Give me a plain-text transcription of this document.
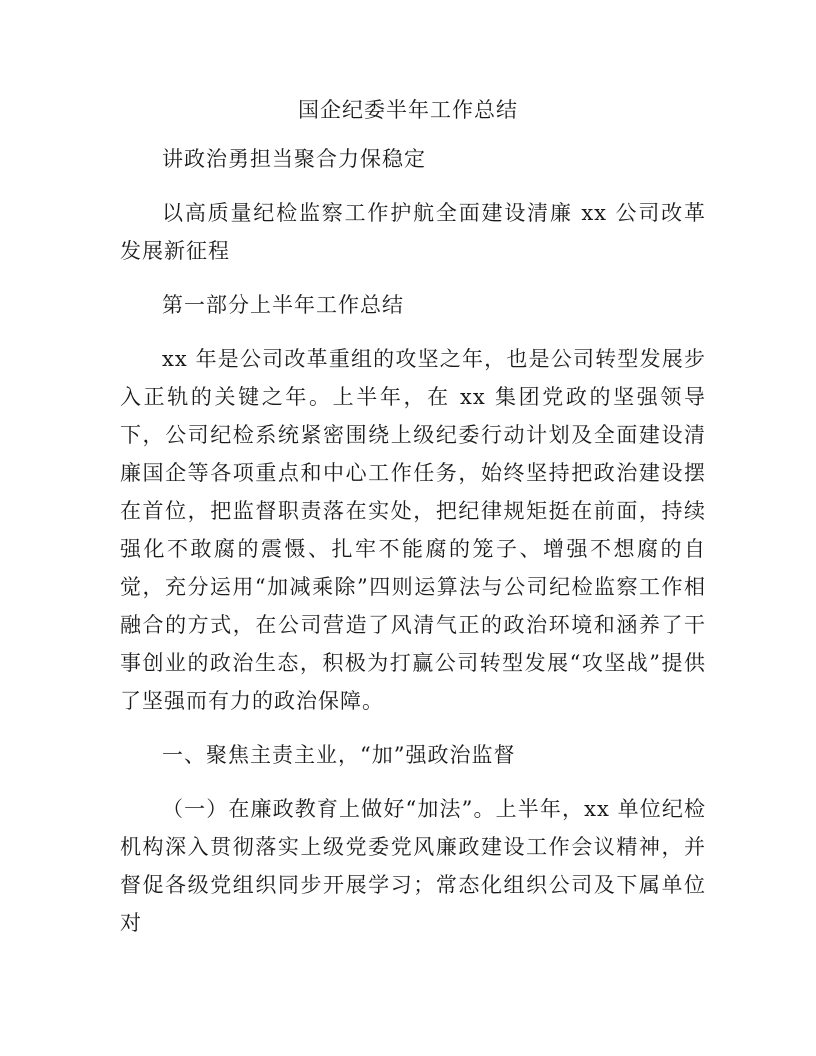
国企纪委半年工作总结

讲政治勇担当聚合力保稳定

以高质量纪检监察工作护航全面建设清廉 xx 公司改革发展新征程

第一部分上半年工作总结

xx 年是公司改革重组的攻坚之年，也是公司转型发展步入正轨的关键之年。上半年，在 xx 集团党政的坚强领导下，公司纪检系统紧密围绕上级纪委行动计划及全面建设清廉国企等各项重点和中心工作任务，始终坚持把政治建设摆在首位，把监督职责落在实处，把纪律规矩挺在前面，持续强化不敢腐的震慑、扎牢不能腐的笼子、增强不想腐的自觉，充分运用“加减乘除”四则运算法与公司纪检监察工作相融合的方式，在公司营造了风清气正的政治环境和涵养了干事创业的政治生态，积极为打赢公司转型发展“攻坚战”提供了坚强而有力的政治保障。

一、聚焦主责主业，“加”强政治监督

（一）在廉政教育上做好“加法”。上半年，xx 单位纪检机构深入贯彻落实上级党委党风廉政建设工作会议精神，并督促各级党组织同步开展学习；常态化组织公司及下属单位对
